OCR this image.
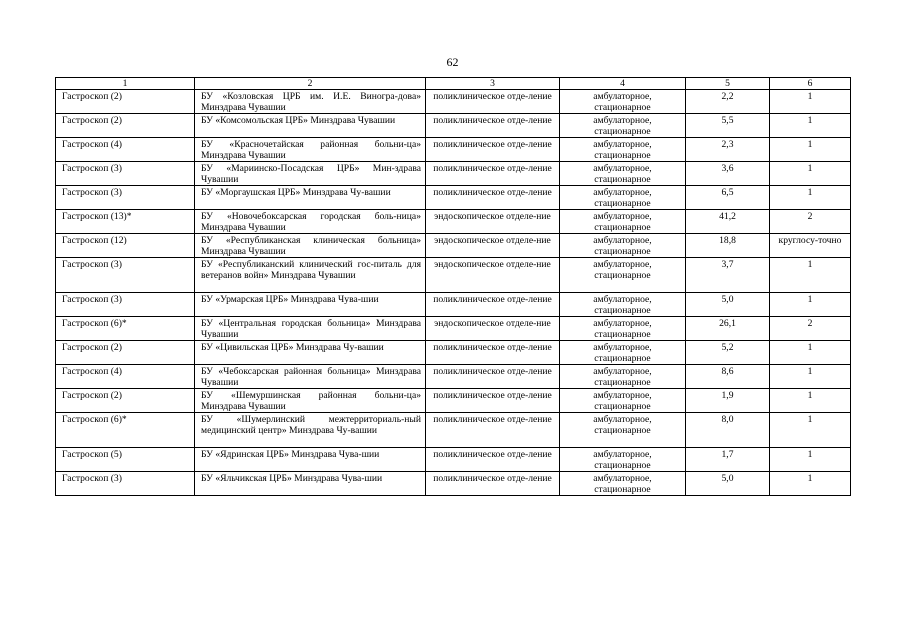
62
1	2	3	4	5	6
Гастроскоп (2)	БУ «Козловская ЦРБ им. И.Е. Виногра-дова» Минздрава Чувашии	поликлиническое отде-ление	амбулаторное, стационарное	2,2	1
Гастроскоп (2)	БУ «Комсомольская ЦРБ» Минздрава Чувашии	поликлиническое отде-ление	амбулаторное, стационарное	5,5	1
Гастроскоп (4)	БУ «Красночетайская районная больни-ца» Минздрава Чувашии	поликлиническое отде-ление	амбулаторное, стационарное	2,3	1
Гастроскоп (3)	БУ «Мариинско-Посадская ЦРБ» Мин-здрава Чувашии	поликлиническое отде-ление	амбулаторное, стационарное	3,6	1
Гастроскоп (3)	БУ «Моргаушская ЦРБ» Минздрава Чу-вашии	поликлиническое отде-ление	амбулаторное, стационарное	6,5	1
Гастроскоп (13)*	БУ «Новочебоксарская городская боль-ница» Минздрава Чувашии	эндоскопическое отделе-ние	амбулаторное, стационарное	41,2	2
Гастроскоп (12)	БУ «Республиканская клиническая больница» Минздрава Чувашии	эндоскопическое отделе-ние	амбулаторное, стационарное	18,8	круглосу-точно
Гастроскоп (3)	БУ «Республиканский клинический гос-питаль для ветеранов войн» Минздрава Чувашии	эндоскопическое отделе-ние	амбулаторное, стационарное	3,7	1
Гастроскоп (3)	БУ «Урмарская ЦРБ» Минздрава Чува-шии	поликлиническое отде-ление	амбулаторное, стационарное	5,0	1
Гастроскоп (6)*	БУ «Центральная городская больница» Минздрава Чувашии	эндоскопическое отделе-ние	амбулаторное, стационарное	26,1	2
Гастроскоп (2)	БУ «Цивильская ЦРБ» Минздрава Чу-вашии	поликлиническое отде-ление	амбулаторное, стационарное	5,2	1
Гастроскоп (4)	БУ «Чебоксарская районная больница» Минздрава Чувашии	поликлиническое отде-ление	амбулаторное, стационарное	8,6	1
Гастроскоп (2)	БУ «Шемуршинская районная больни-ца» Минздрава Чувашии	поликлиническое отде-ление	амбулаторное, стационарное	1,9	1
Гастроскоп (6)*	БУ «Шумерлинский межтерриториаль-ный медицинский центр» Минздрава Чу-вашии	поликлиническое отде-ление	амбулаторное, стационарное	8,0	1
Гастроскоп (5)	БУ «Ядринская ЦРБ» Минздрава Чува-шии	поликлиническое отде-ление	амбулаторное, стационарное	1,7	1
Гастроскоп (3)	БУ «Яльчикская ЦРБ» Минздрава Чува-шии	поликлиническое отде-ление	амбулаторное, стационарное	5,0	1
